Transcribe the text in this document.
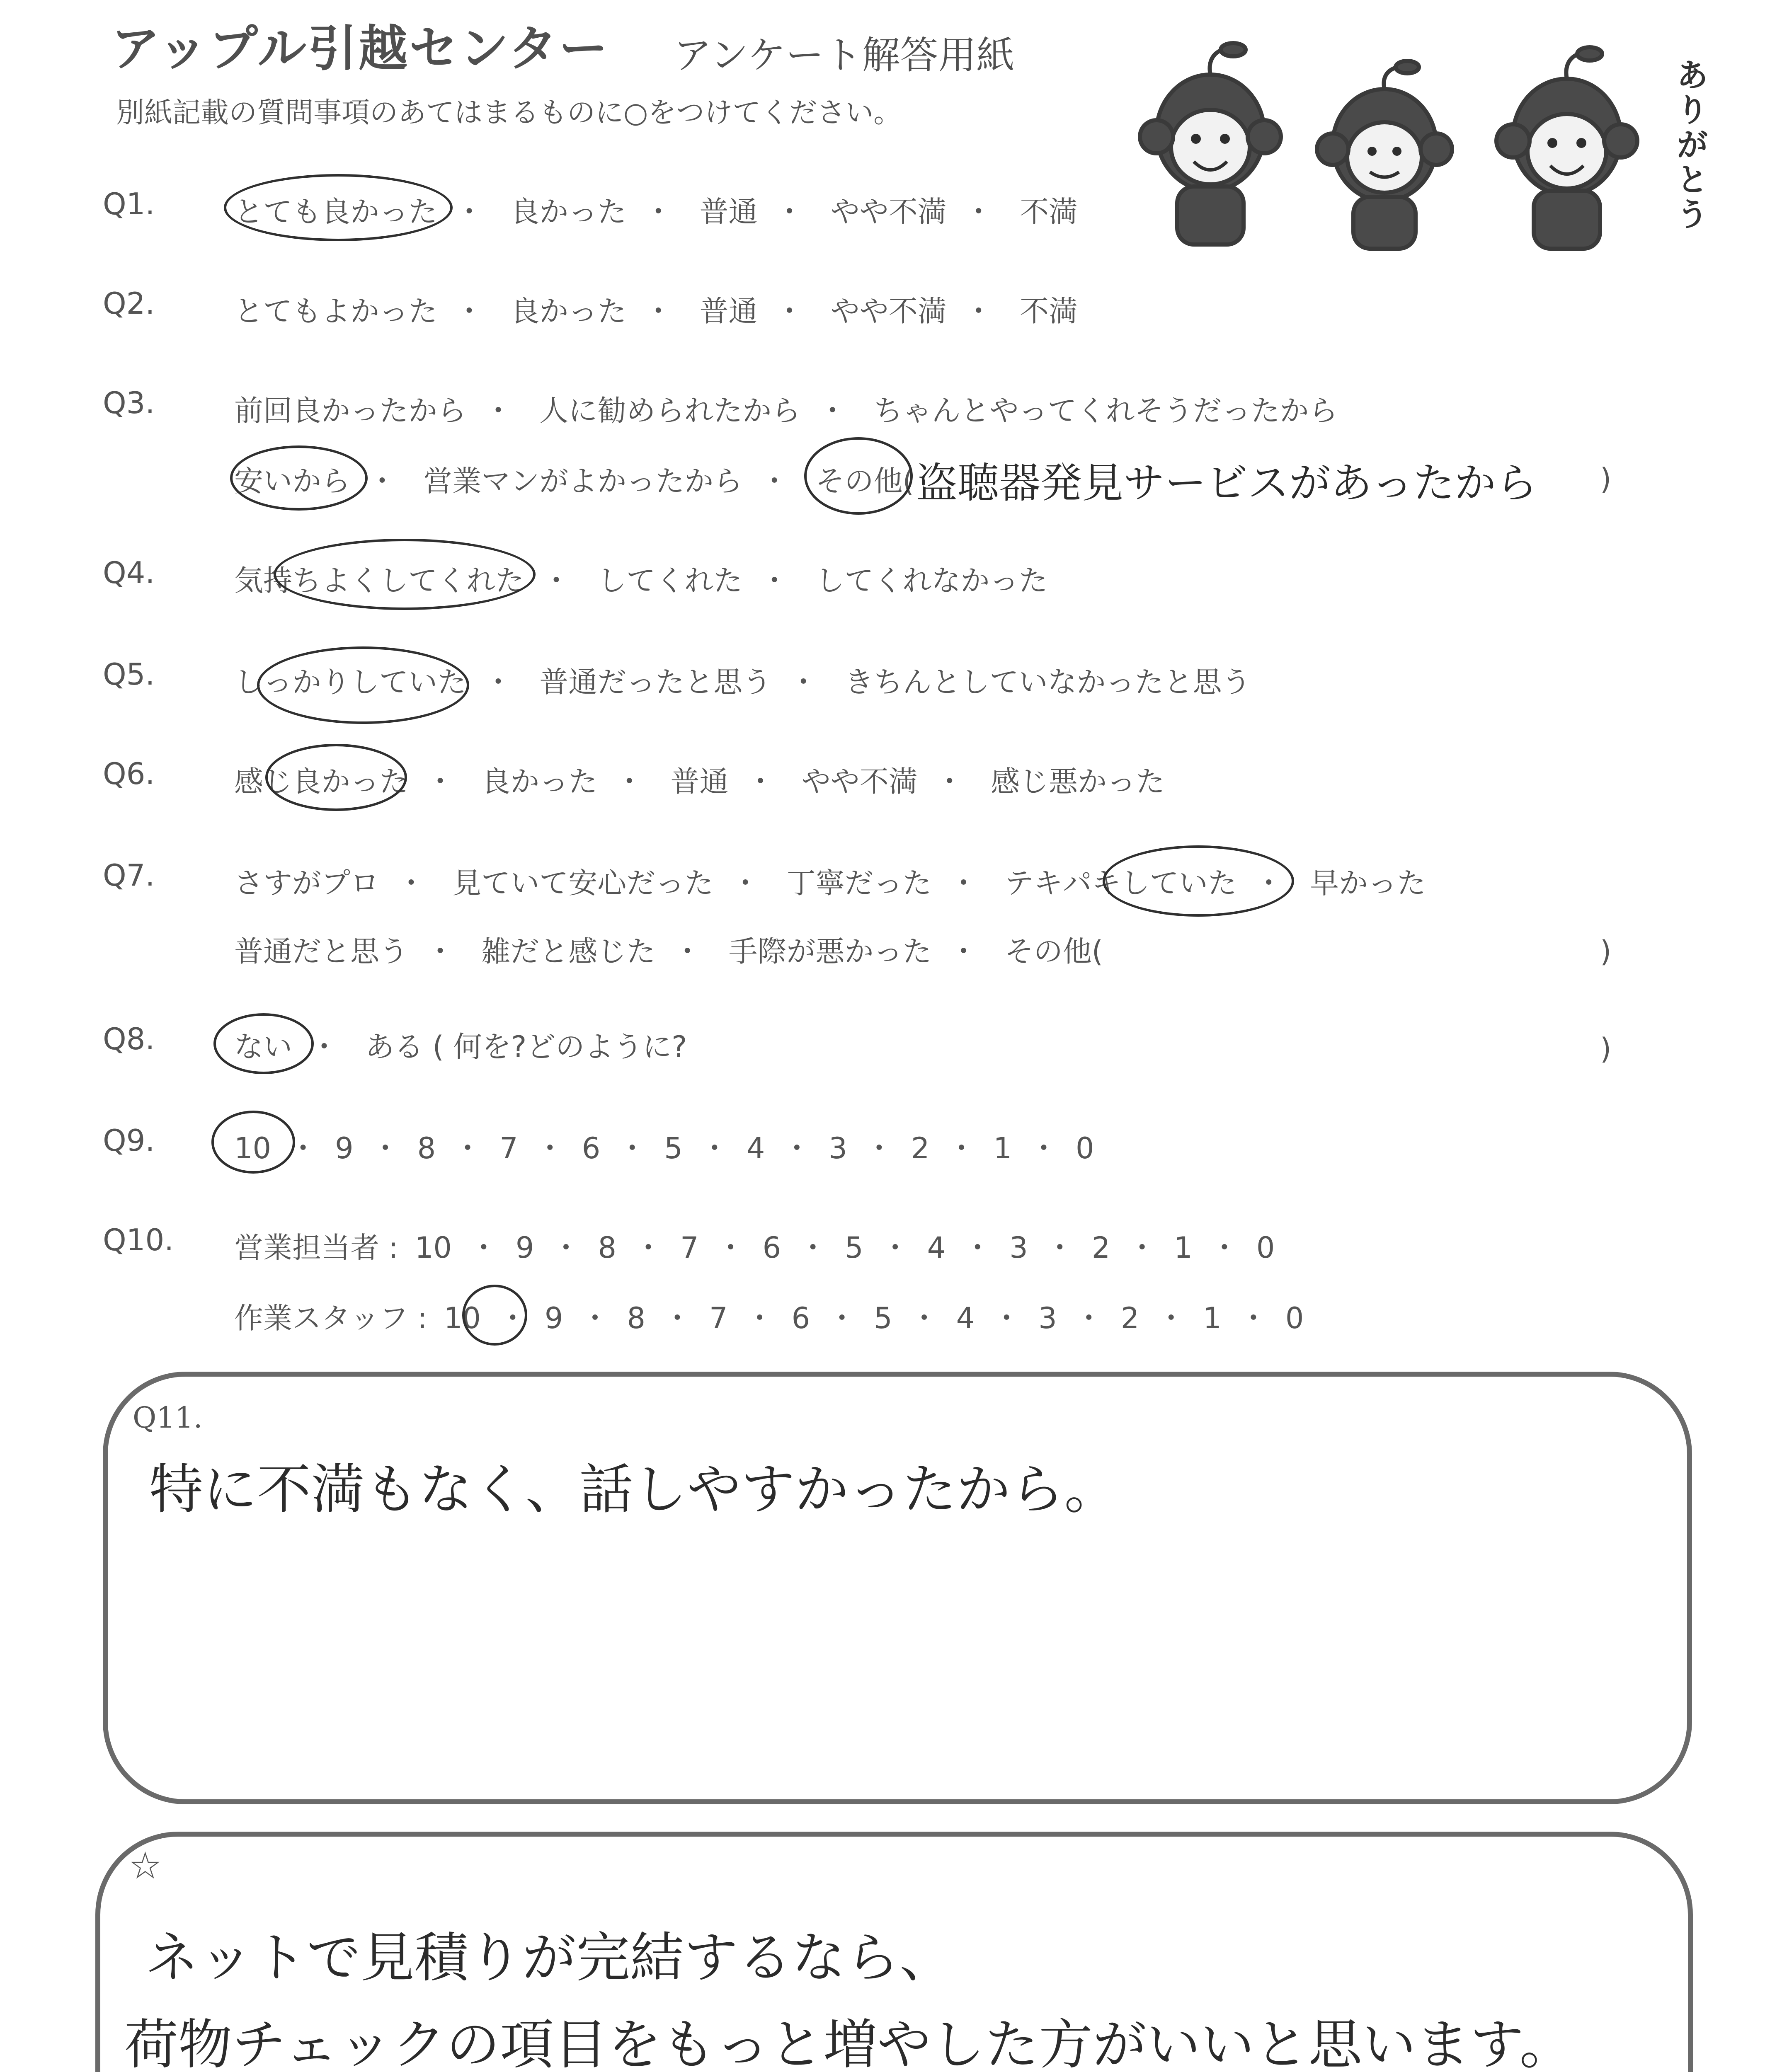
アップル引越センター アンケート解答用紙
別紙記載の質問事項のあてはまるものに○をつけてください。	ありがとう
Q1.	とても良かった ・ 良かった ・ 普通 ・ やや不満 ・ 不満
Q2.	とてもよかった ・ 良かった ・ 普通 ・ やや不満 ・ 不満
Q3.	前回良かったから ・ 人に勧められたから ・ ちゃんとやってくれそうだったから
安いから ・ 営業マンがよかったから ・ その他( 盗聴器発見サービスがあったから )
Q4.	気持ちよくしてくれた ・ してくれた ・ してくれなかった
Q5.	しっかりしていた ・ 普通だったと思う ・ きちんとしていなかったと思う
Q6.	感じ良かった ・ 良かった ・ 普通 ・ やや不満 ・ 感じ悪かった
Q7.	さすがプロ ・ 見ていて安心だった ・ 丁寧だった ・ テキパキしていた ・ 早かった
普通だと思う ・ 雑だと感じた ・ 手際が悪かった ・ その他(	)
Q8.	ない ・ ある ( 何を?どのように?	)
Q9.	10 ・ 9 ・ 8 ・ 7 ・ 6 ・ 5 ・ 4 ・ 3 ・ 2 ・ 1 ・ 0
Q10. 営業担当者 : 10 ・ 9 ・ 8 ・ 7 ・ 6 ・ 5 ・ 4 ・ 3 ・ 2 ・ 1 ・ 0
作業スタッフ : 10 ・ 9 ・ 8 ・ 7 ・ 6 ・ 5 ・ 4 ・ 3 ・ 2 ・ 1 ・ 0
Q11.
特に不満もなく、話しやすかったから。
☆
ネットで見積りが完結するなら、
荷物チェックの項目をもっと増やした方がいいと思います。
